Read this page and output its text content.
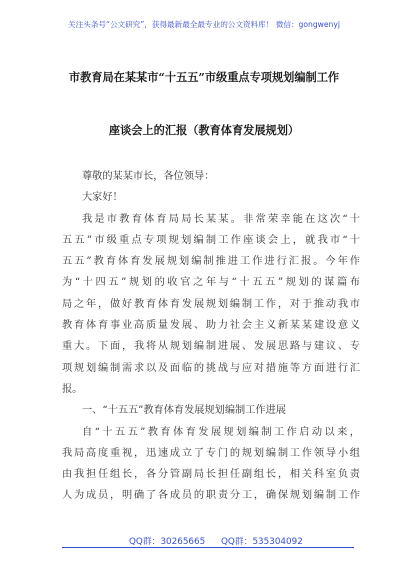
关注头条号“公文研究”，获得最新最全最专业的公文资料库！ 微信：gongwenyj
市教育局在某某市“十五五”市级重点专项规划编制工作
座谈会上的汇报（教育体育发展规划）
尊敬的某某市长，各位领导：
大家好！
我是市教育体育局局长某某。非常荣幸能在这次“十
五五”市级重点专项规划编制工作座谈会上，就我市“十
五五”教育体育发展规划编制推进工作进行汇报。今年作
为“十四五”规划的收官之年与“十五五”规划的谋篇布
局之年，做好教育体育发展规划编制工作，对于推动我市
教育体育事业高质量发展、助力社会主义新某某建设意义
重大。下面，我将从规划编制进展、发展思路与建议、专
项规划编制需求以及面临的挑战与应对措施等方面进行汇
报。
一、“十五五”教育体育发展规划编制工作进展
自“十五五”教育体育发展规划编制工作启动以来，
我局高度重视，迅速成立了专门的规划编制工作领导小组
由我担任组长，各分管副局长担任副组长，相关科室负责
人为成员，明确了各成员的职责分工，确保规划编制工作
QQ群：30265665 QQ群：535304092
